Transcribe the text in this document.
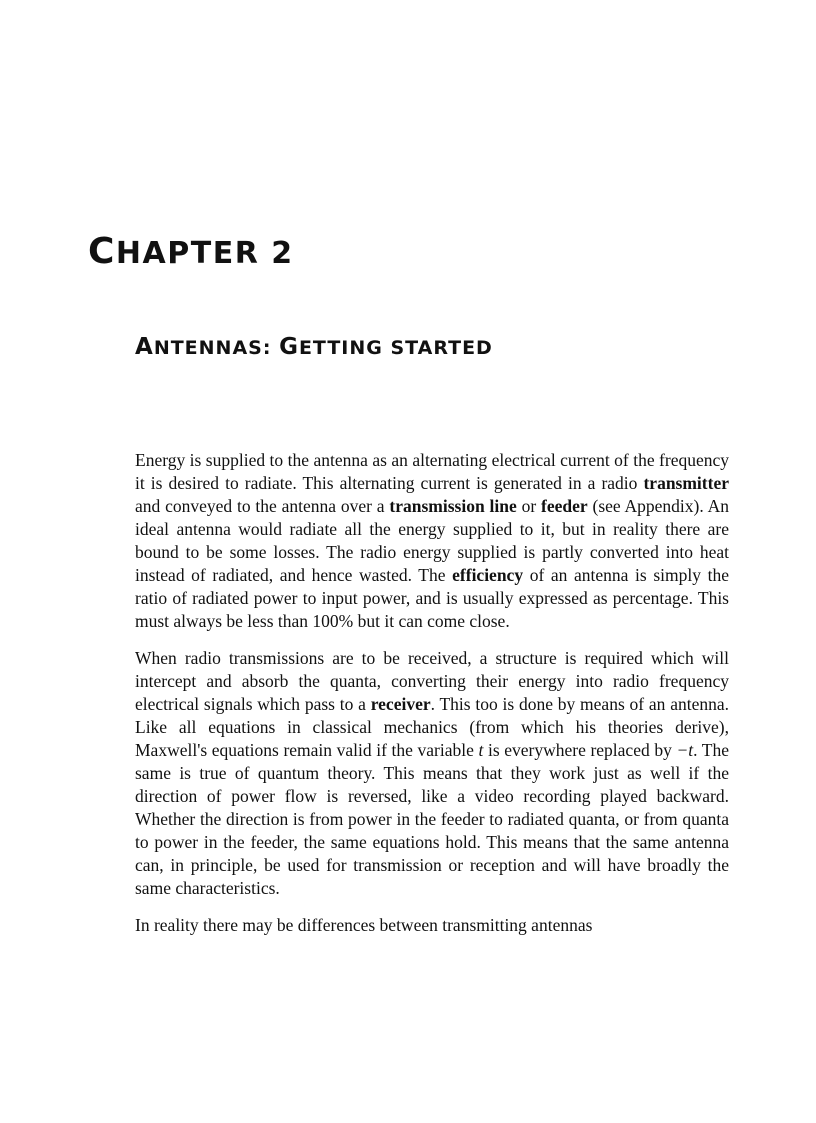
CHAPTER 2
ANTENNAS: GETTING STARTED

Energy is supplied to the antenna as an alternating electrical current of the frequency it is desired to radiate. This alternating current is generated in a radio transmitter and conveyed to the antenna over a transmission line or feeder (see Appendix). An ideal antenna would radiate all the energy supplied to it, but in reality there are bound to be some losses. The radio energy supplied is partly converted into heat instead of radiated, and hence wasted. The efficiency of an antenna is simply the ratio of radiated power to input power, and is usually expressed as percentage. This must always be less than 100% but it can come close.

When radio transmissions are to be received, a structure is required which will intercept and absorb the quanta, converting their energy into radio frequency electrical signals which pass to a receiver. This too is done by means of an antenna. Like all equations in classical mechanics (from which his theories derive), Maxwell's equations remain valid if the variable t is everywhere replaced by −t. The same is true of quantum theory. This means that they work just as well if the direction of power flow is reversed, like a video recording played backward. Whether the direction is from power in the feeder to radiated quanta, or from quanta to power in the feeder, the same equations hold. This means that the same antenna can, in principle, be used for transmission or reception and will have broadly the same characteristics.

In reality there may be differences between transmitting antennas
